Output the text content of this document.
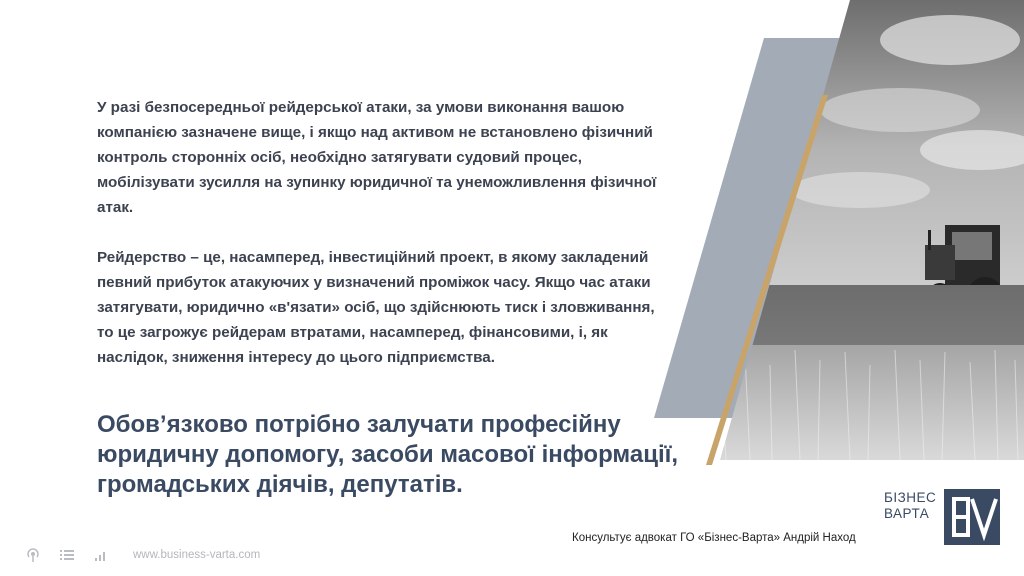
У разі безпосередньої рейдерської атаки, за умови виконання вашою компанією зазначене вище, і якщо над активом не встановлено фізичний контроль сторонніх осіб, необхідно затягувати судовий процес, мобілізувати зусилля на зупинку юридичної та унеможливлення фізичної атак.

Рейдерство – це, насамперед, інвестиційний проект, в якому закладений певний прибуток атакуючих у визначений проміжок часу. Якщо час атаки затягувати, юридично «в'язати» осіб, що здійснюють тиск і зловживання, то це загрожує рейдерам втратами, насамперед, фінансовими, і, як наслідок, зниження інтересу до цього підприємства.

Обов’язково потрібно залучати професійну юридичну допомогу, засоби масової інформації, громадських діячів, депутатів.

Консультує адвокат ГО «Бізнес-Варта» Андрій Наход
БІЗНЕС
ВАРТА
www.business-varta.com
